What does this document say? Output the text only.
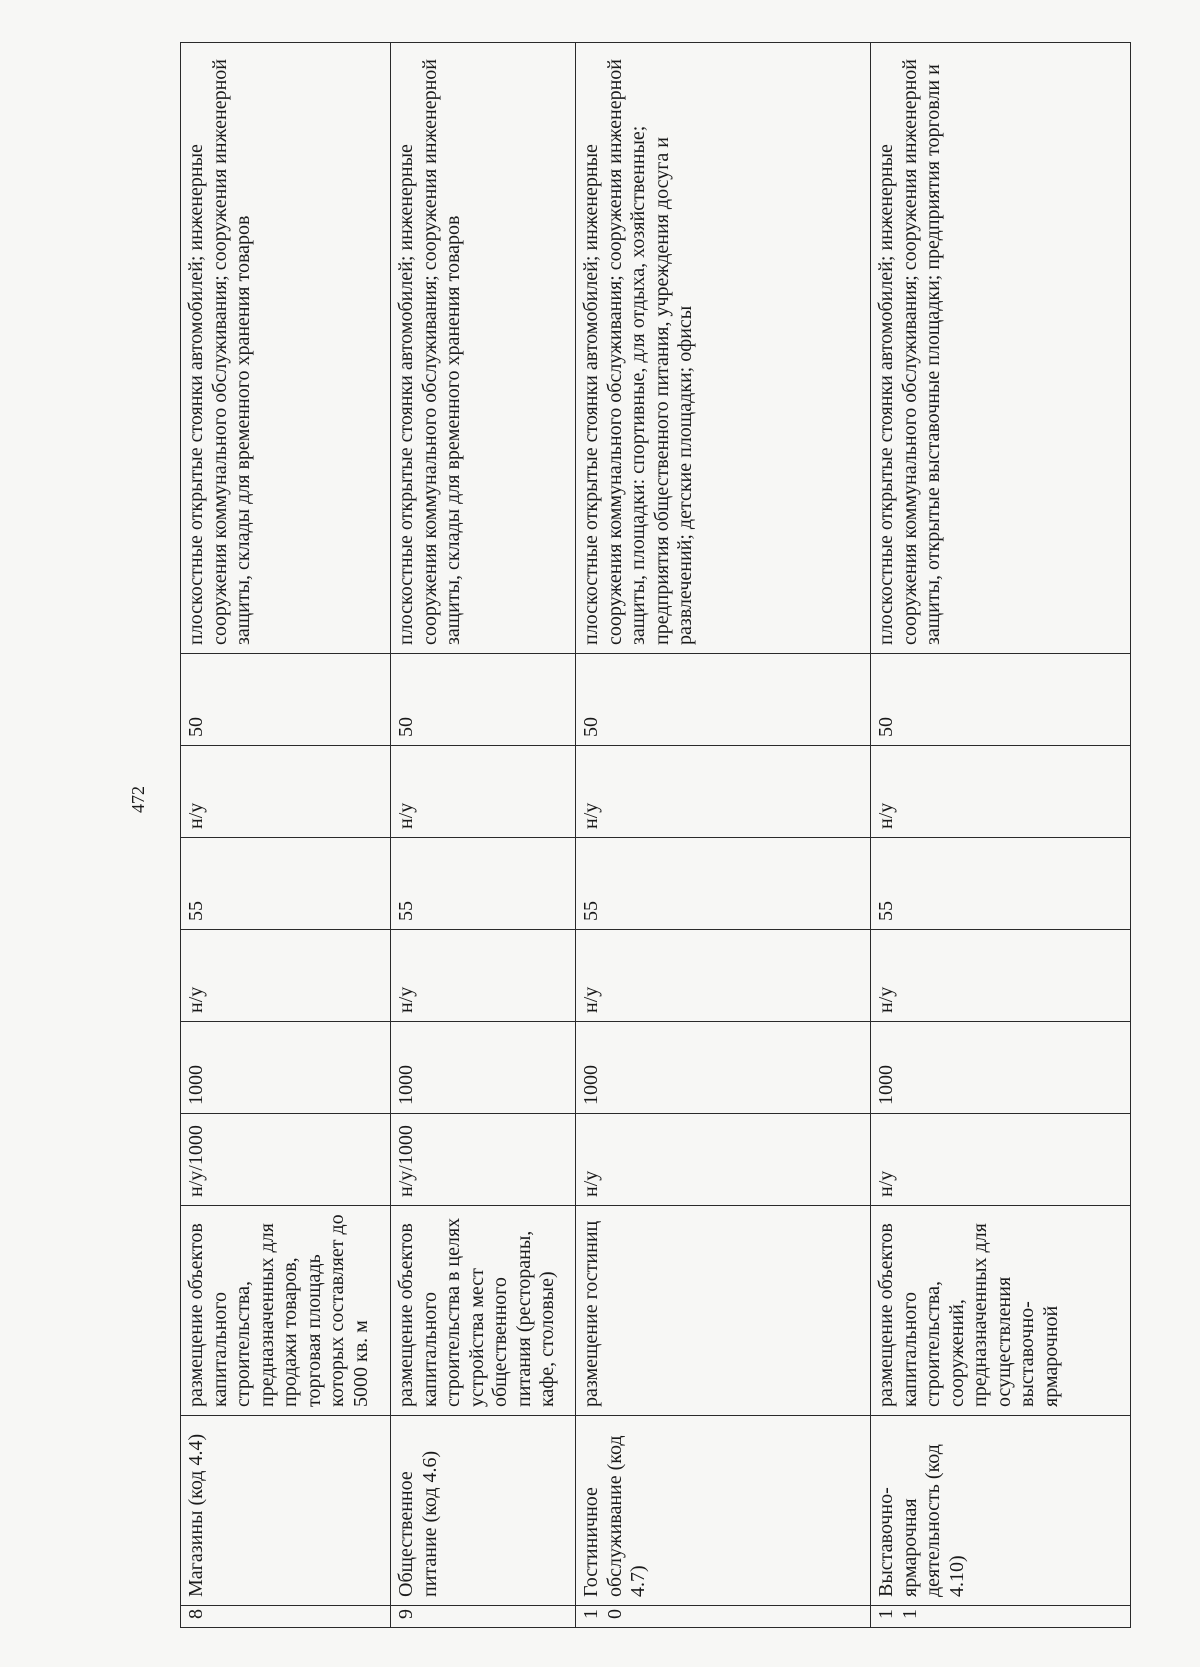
472
8	Магазины (код 4.4)	размещение объектов капитального строительства, предназначенных для продажи товаров, торговая площадь которых составляет до 5000 кв. м	н/у/1000	1000	н/у	55	н/у	50	плоскостные открытые стоянки автомобилей; инженерные сооружения коммунального обслуживания; сооружения инженерной защиты, склады для временного хранения товаров
9	Общественное питание (код 4.6)	размещение объектов капитального строительства в целях устройства мест общественного питания (рестораны, кафе, столовые)	н/у/1000	1000	н/у	55	н/у	50	плоскостные открытые стоянки автомобилей; инженерные сооружения коммунального обслуживания; сооружения инженерной защиты, склады для временного хранения товаров
10	Гостиничное обслуживание (код 4.7)	размещение гостиниц	н/у	1000	н/у	55	н/у	50	плоскостные открытые стоянки автомобилей; инженерные сооружения коммунального обслуживания; сооружения инженерной защиты, площадки: спортивные, для отдыха, хозяйственные; предприятия общественного питания, учреждения досуга и развлечений; детские площадки; офисы
11	Выставочно-ярмарочная деятельность (код 4.10)	размещение объектов капитального строительства, сооружений, предназначенных для осуществления выставочно-ярмарочной	н/у	1000	н/у	55	н/у	50	плоскостные открытые стоянки автомобилей; инженерные сооружения коммунального обслуживания; сооружения инженерной защиты, открытые выставочные площадки; предприятия торговли и
